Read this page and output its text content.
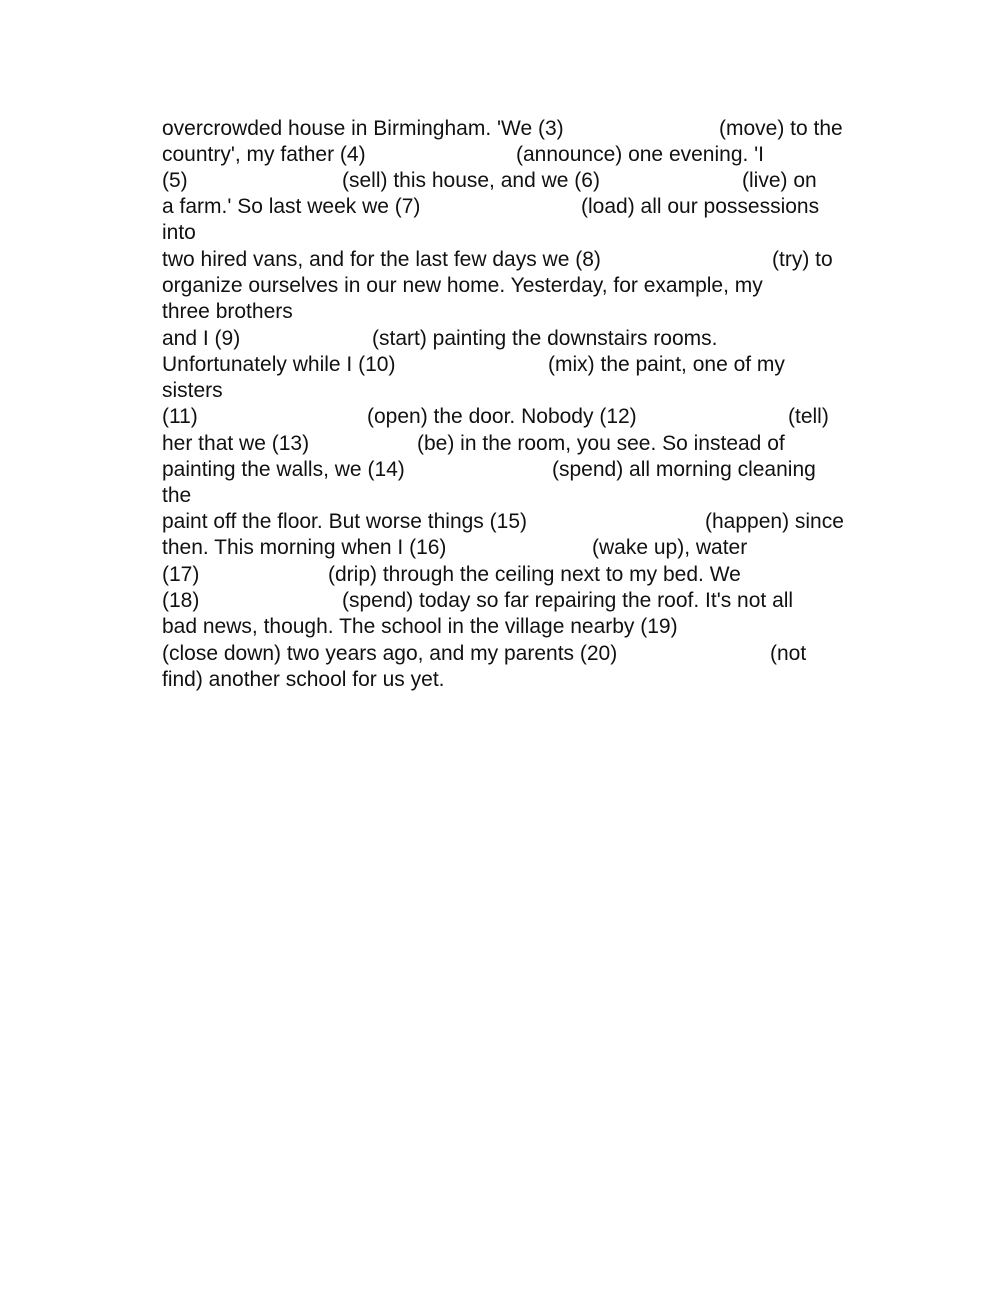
overcrowded house in Birmingham. 'We (3)

	(move) to the

country', my father (4)

	(announce) one evening. 'I

(5)

	(sell) this house, and we (6)

	(live) on

a farm.' So last week we (7)

	(load) all our possessions

into

two hired vans, and for the last few days we (8)

	(try) to

organize ourselves in our new home. Yesterday, for example, my

three brothers

and I (9)

	(start) painting the downstairs rooms.

Unfortunately while I (10)

	(mix) the paint, one of my

sisters

(11)

	(open) the door. Nobody (12)

	(tell)

her that we (13)

	(be) in the room, you see. So instead of

painting the walls, we (14)

	(spend) all morning cleaning

the

paint off the floor. But worse things (15)

	(happen) since

then. This morning when I (16)

	(wake up), water

(17)

	(drip) through the ceiling next to my bed. We

(18)

	(spend) today so far repairing the roof. It's not all

bad news, though. The school in the village nearby (19)

(close down) two years ago, and my parents (20)

	(not

find) another school for us yet.
